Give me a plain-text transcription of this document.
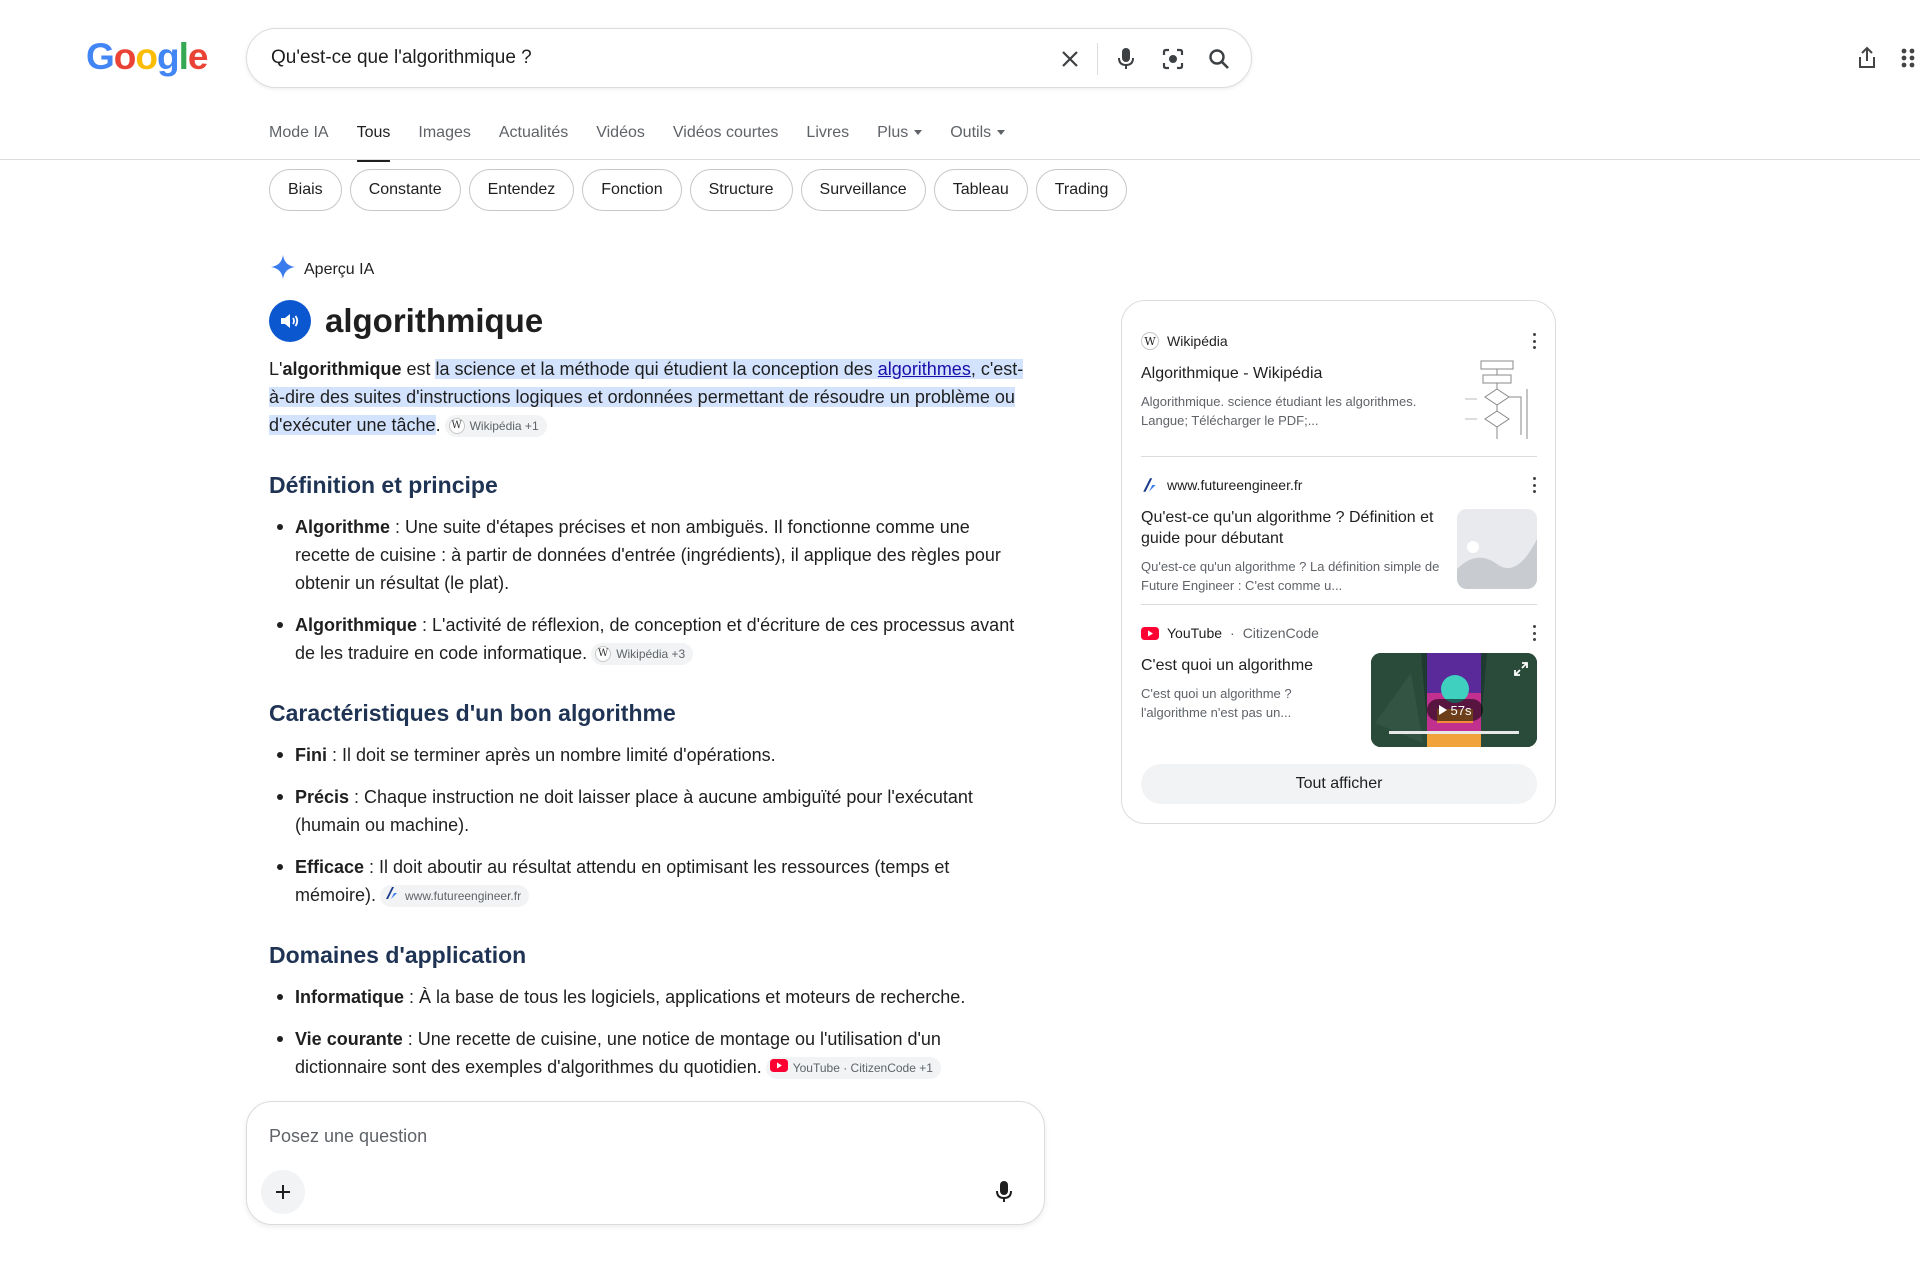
Google	Qu'est-ce que l'algorithmique ?
Mode IA Tous Images Actualités Vidéos Vidéos courtes Livres Plus	Outils
Biais	Constante	Entendez	Fonction	Structure	Surveillance	Tableau	Trading
Aperçu IA
algorithmique

L'algorithmique est la science et la méthode qui étudient la conception des algorithmes, c'est-à-dire des suites d'instructions logiques et ordonnées permettant de résoudre un problème ou d'exécuter une tâche. W Wikipédia +1

Définition et principe
Algorithme : Une suite d'étapes précises et non ambiguës. Il fonctionne comme une recette de cuisine : à partir de données d'entrée (ingrédients), il applique des règles pour obtenir un résultat (le plat).
Algorithmique : L'activité de réflexion, de conception et d'écriture de ces processus avant de les traduire en code informatique. W Wikipédia +3
Caractéristiques d'un bon algorithme
Fini : Il doit se terminer après un nombre limité d'opérations.
Précis : Chaque instruction ne doit laisser place à aucune ambiguïté pour l'exécutant (humain ou machine).
Efficace : Il doit aboutir au résultat attendu en optimisant les ressources (temps et mémoire). www.futureengineer.fr
Domaines d'application
Informatique : À la base de tous les logiciels, applications et moteurs de recherche.
Vie courante : Une recette de cuisine, une notice de montage ou l'utilisation d'un dictionnaire sont des exemples d'algorithmes du quotidien.	YouTube · CitizenCode +1
Posez une question
W Wikipédia
Algorithmique - Wikipédia
Algorithmique. science étudiant les algorithmes. Langue; Télécharger le PDF;...
www.futureengineer.fr
Qu'est-ce qu'un algorithme ? Définition et guide pour débutant
Qu'est-ce qu'un algorithme ? La définition simple de Future Engineer : C'est comme u...
YouTube · CitizenCode
C'est quoi un algorithme
C'est quoi un algorithme ? l'algorithme n'est pas un...	57s
Tout afficher
